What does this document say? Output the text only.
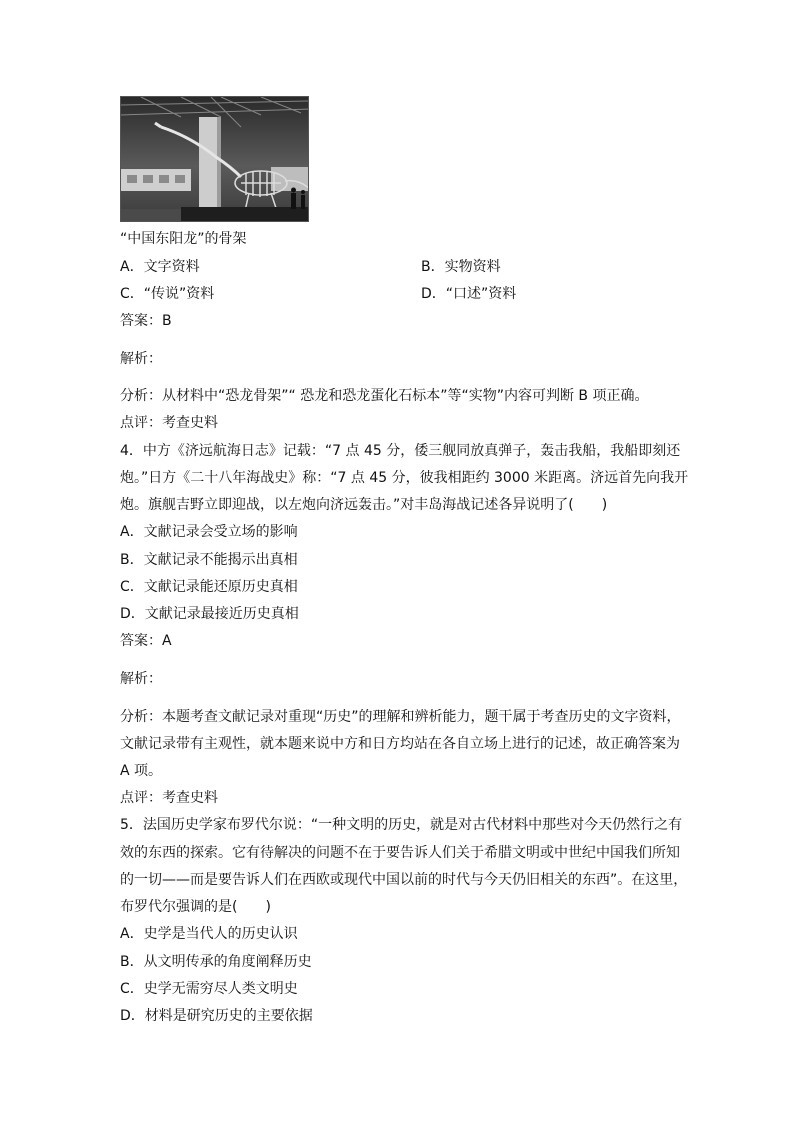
“中国东阳龙”的骨架
A．文字资料	B．实物资料
C．“传说”资料	D．“口述”资料
答案：B
解析：
分析：从材料中“恐龙骨架”“ 恐龙和恐龙蛋化石标本”等“实物”内容可判断 B 项正确。
点评：考查史料
4．中方《济远航海日志》记载：“7 点 45 分，倭三舰同放真弹子，轰击我船，我船即刻还
炮。”日方《二十八年海战史》称：“7 点 45 分，彼我相距约 3000 米距离。济远首先向我开
炮。旗舰吉野立即迎战，以左炮向济远轰击。”对丰岛海战记述各异说明了(　　)
A．文献记录会受立场的影响
B．文献记录不能揭示出真相
C．文献记录能还原历史真相
D．文献记录最接近历史真相
答案：A
解析：
分析：本题考查文献记录对重现“历史”的理解和辨析能力，题干属于考查历史的文字资料，
文献记录带有主观性，就本题来说中方和日方均站在各自立场上进行的记述，故正确答案为
A 项。
点评：考查史料
5．法国历史学家布罗代尔说：“一种文明的历史，就是对古代材料中那些对今天仍然行之有
效的东西的探索。它有待解决的问题不在于要告诉人们关于希腊文明或中世纪中国我们所知
的一切——而是要告诉人们在西欧或现代中国以前的时代与今天仍旧相关的东西”。在这里，
布罗代尔强调的是(　　)
A．史学是当代人的历史认识
B．从文明传承的角度阐释历史
C．史学无需穷尽人类文明史
D．材料是研究历史的主要依据
